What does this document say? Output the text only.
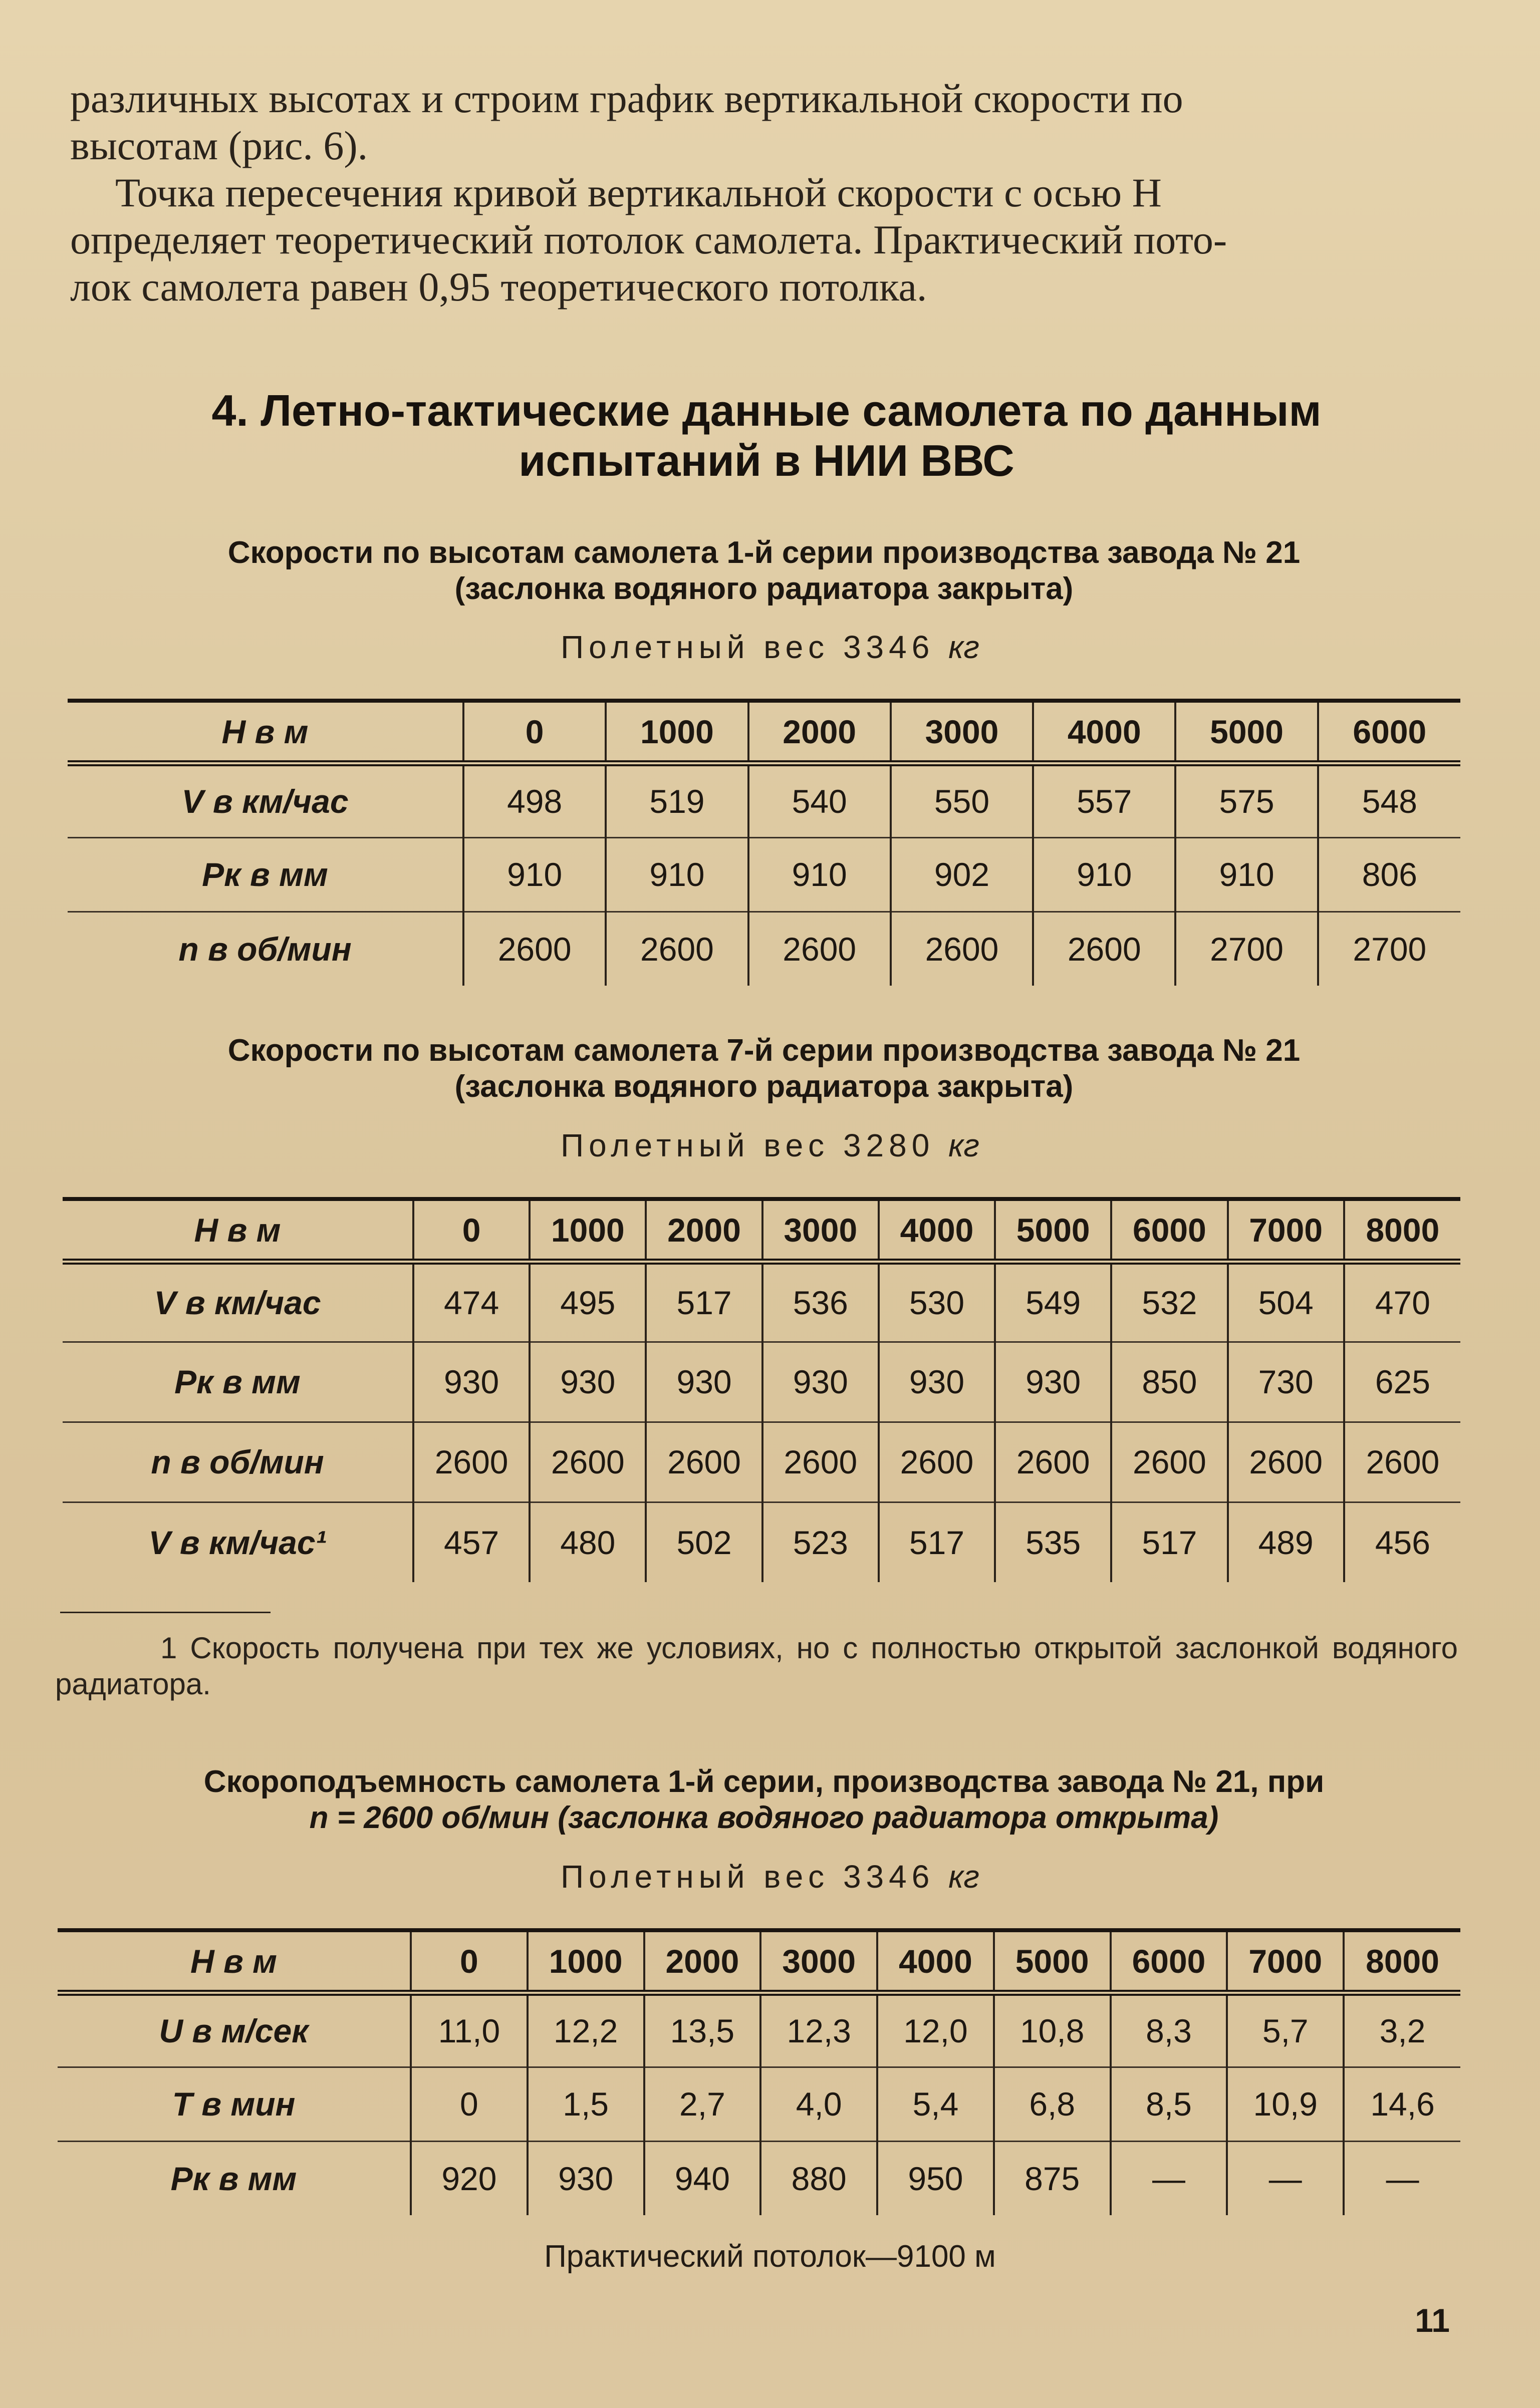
различных высотах и строим график вертикальной скорости по
высотам (рис. 6).
Точка пересечения кривой вертикальной скорости с осью H
определяет теоретический потолок самолета. Практический пото-
лок самолета равен 0,95 теоретического потолка.
4. Летно-тактические данные самолета по данным
испытаний в НИИ ВВС
Скорости по высотам самолета 1-й серии производства завода № 21
(заслонка водяного радиатора закрыта)
Полетный вес 3346 кг
H в м	0	1000	2000	3000	4000	5000	6000
V в км/час	498	519	540	550	557	575	548
Pк в мм	910	910	910	902	910	910	806
n в об/мин	2600	2600	2600	2600	2600	2700	2700
Скорости по высотам самолета 7-й серии производства завода № 21
(заслонка водяного радиатора закрыта)
Полетный вес 3280 кг
H в м	0	1000	2000	3000	4000	5000	6000	7000	8000
V в км/час	474	495	517	536	530	549	532	504	470
Pк в мм	930	930	930	930	930	930	850	730	625
n в об/мин	2600	2600	2600	2600	2600	2600	2600	2600	2600
V в км/час¹	457	480	502	523	517	535	517	489	456
1 Скорость получена при тех же условиях, но с полностью открытой заслонкой водяного радиатора.
Скороподъемность самолета 1-й серии, производства завода № 21, при
n = 2600 об/мин (заслонка водяного радиатора открыта)
Полетный вес 3346 кг
H в м	0	1000	2000	3000	4000	5000	6000	7000	8000
U в м/сек	11,0	12,2	13,5	12,3	12,0	10,8	8,3	5,7	3,2
T в мин	0	1,5	2,7	4,0	5,4	6,8	8,5	10,9	14,6
Pк в мм	920	930	940	880	950	875	—	—	—
Практический потолок—9100 м
11
